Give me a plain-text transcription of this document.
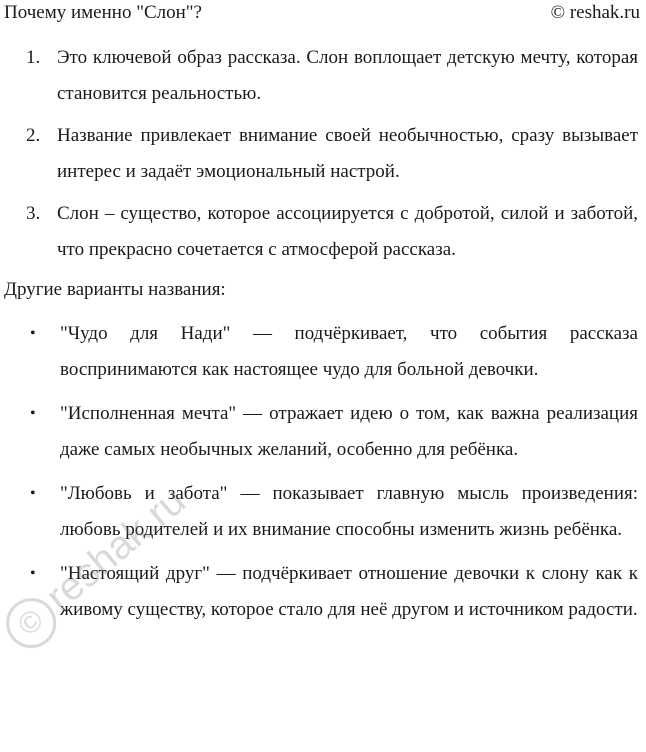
Почему именно "Слон"?	© reshak.ru
1. Это ключевой образ рассказа. Слон воплощает детскую мечту, которая становится реальностью.
2. Название привлекает внимание своей необычностью, сразу вызывает интерес и задаёт эмоциональный настрой.
3. Слон – существо, которое ассоциируется с добротой, силой и заботой, что прекрасно сочетается с атмосферой рассказа.
Другие варианты названия:
• "Чудо для Нади" — подчёркивает, что события рассказа воспринимаются как настоящее чудо для больной девочки.
• "Исполненная мечта" — отражает идею о том, как важна реализация даже самых необычных желаний, особенно для ребёнка.
• "Любовь и забота" — показывает главную мысль произведения: любовь родителей и их внимание способны изменить жизнь ребёнка.
• "Настоящий друг" — подчёркивает отношение девочки к слону как к живому существу, которое стало для неё другом и источником радости.
©reshak.ru
